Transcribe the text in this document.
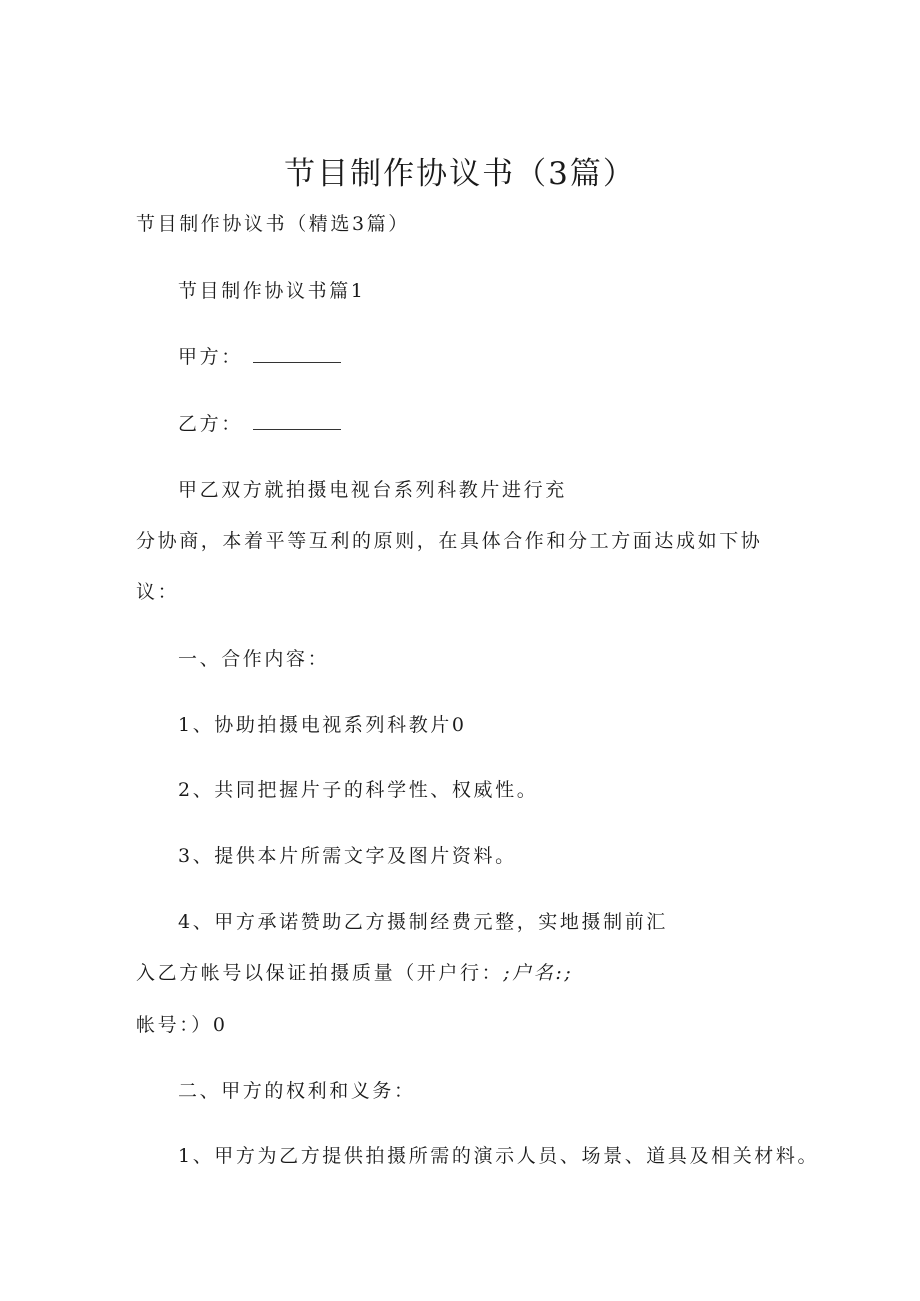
节目制作协议书（3篇）
节目制作协议书（精选3篇）
节目制作协议书篇1
甲方：
乙方：
甲乙双方就拍摄电视台系列科教片进行充
分协商，本着平等互利的原则，在具体合作和分工方面达成如下协
议：
一、合作内容：
1、协助拍摄电视系列科教片0
2、共同把握片子的科学性、权威性。
3、提供本片所需文字及图片资料。
4、甲方承诺赞助乙方摄制经费元整，实地摄制前汇
入乙方帐号以保证拍摄质量（开户行：;户名:;
帐号：）0
二、甲方的权利和义务：
1、甲方为乙方提供拍摄所需的演示人员、场景、道具及相关材料。
